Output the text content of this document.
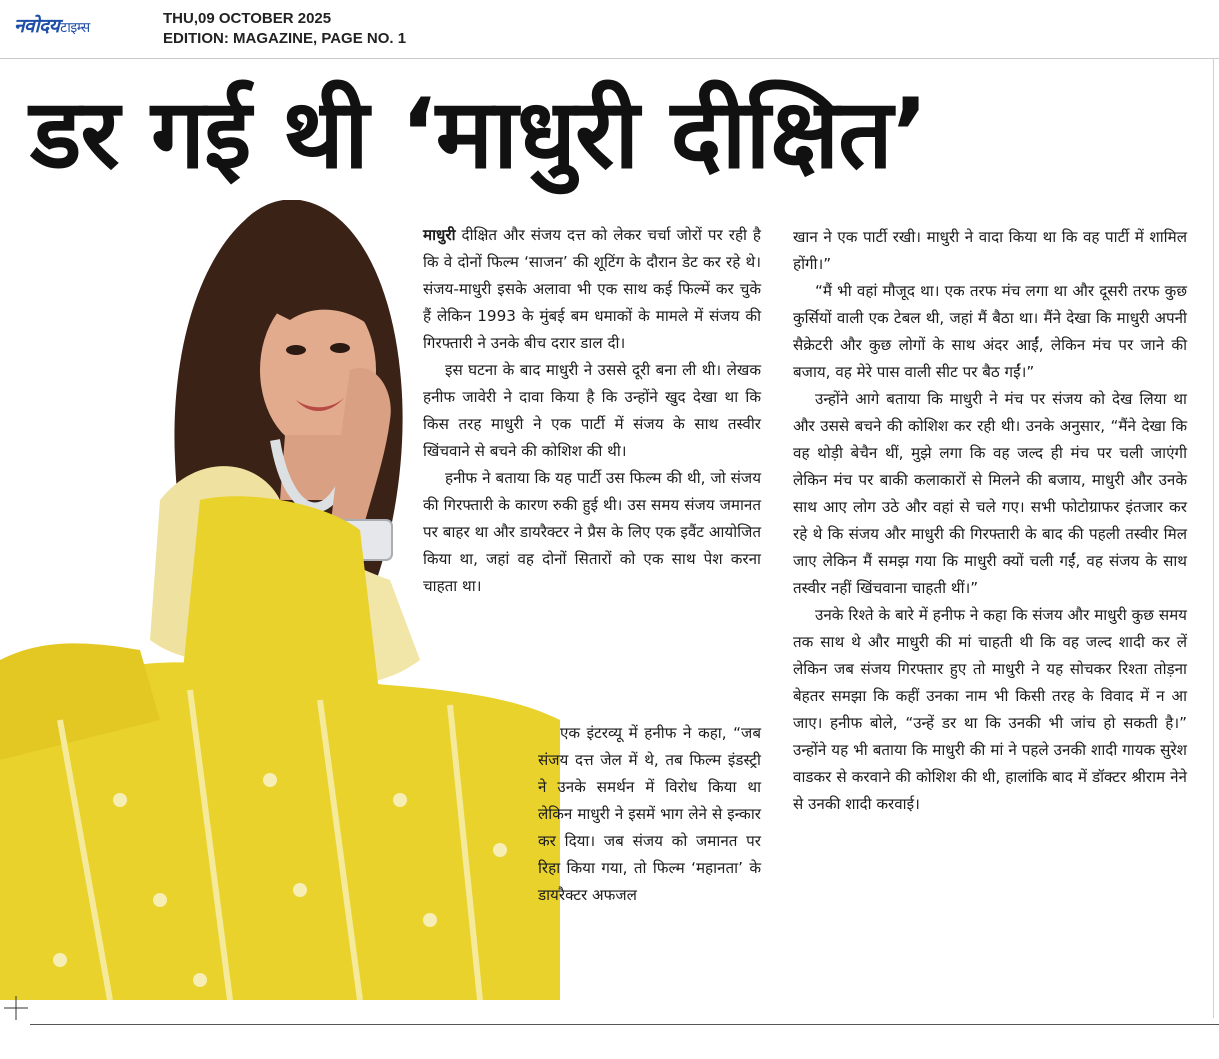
नवोदयटाइम्स
THU,09 OCTOBER 2025
EDITION: MAGAZINE, PAGE NO. 1
डर गई थी ‘माधुरी दीक्षित’

माधुरी दीक्षित और संजय दत्त को लेकर चर्चा जोरों पर रही है कि वे दोनों फिल्म ‘साजन’ की शूटिंग के दौरान डेट कर रहे थे। संजय-माधुरी इसके अलावा भी एक साथ कई फिल्में कर चुके हैं लेकिन 1993 के मुंबई बम धमाकों के मामले में संजय की गिरफ्तारी ने उनके बीच दरार डाल दी।

इस घटना के बाद माधुरी ने उससे दूरी बना ली थी। लेखक हनीफ जावेरी ने दावा किया है कि उन्होंने खुद देखा था कि किस तरह माधुरी ने एक पार्टी में संजय के साथ तस्वीर खिंचवाने से बचने की कोशिश की थी।

हनीफ ने बताया कि यह पार्टी उस फिल्म की थी, जो संजय की गिरफ्तारी के कारण रुकी हुई थी। उस समय संजय जमानत पर बाहर था और डायरैक्टर ने प्रैस के लिए एक इवैंट आयोजित किया था, जहां वह दोनों सितारों को एक साथ पेश करना चाहता था।

एक इंटरव्यू में हनीफ ने कहा, “जब संजय दत्त जेल में थे, तब फिल्म इंडस्ट्री ने उनके समर्थन में विरोध किया था लेकिन माधुरी ने इसमें भाग लेने से इन्कार कर दिया। जब संजय को जमानत पर रिहा किया गया, तो फिल्म ‘महानता’ के डायरैक्टर अफजल

खान ने एक पार्टी रखी। माधुरी ने वादा किया था कि वह पार्टी में शामिल होंगी।”

“मैं भी वहां मौजूद था। एक तरफ मंच लगा था और दूसरी तरफ कुछ कुर्सियों वाली एक टेबल थी, जहां मैं बैठा था। मैंने देखा कि माधुरी अपनी सैक्रेटरी और कुछ लोगों के साथ अंदर आईं, लेकिन मंच पर जाने की बजाय, वह मेरे पास वाली सीट पर बैठ गईं।”

उन्होंने आगे बताया कि माधुरी ने मंच पर संजय को देख लिया था और उससे बचने की कोशिश कर रही थी। उनके अनुसार, “मैंने देखा कि वह थोड़ी बेचैन थीं, मुझे लगा कि वह जल्द ही मंच पर चली जाएंगी लेकिन मंच पर बाकी कलाकारों से मिलने की बजाय, माधुरी और उनके साथ आए लोग उठे और वहां से चले गए। सभी फोटोग्राफर इंतजार कर रहे थे कि संजय और माधुरी की गिरफ्तारी के बाद की पहली तस्वीर मिल जाए लेकिन मैं समझ गया कि माधुरी क्यों चली गईं, वह संजय के साथ तस्वीर नहीं खिंचवाना चाहती थीं।”

उनके रिश्ते के बारे में हनीफ ने कहा कि संजय और माधुरी कुछ समय तक साथ थे और माधुरी की मां चाहती थी कि वह जल्द शादी कर लें लेकिन जब संजय गिरफ्तार हुए तो माधुरी ने यह सोचकर रिश्ता तोड़ना बेहतर समझा कि कहीं उनका नाम भी किसी तरह के विवाद में न आ जाए। हनीफ बोले, “उन्हें डर था कि उनकी भी जांच हो सकती है।” उन्होंने यह भी बताया कि माधुरी की मां ने पहले उनकी शादी गायक सुरेश वाडकर से करवाने की कोशिश की थी, हालांकि बाद में डॉक्टर श्रीराम नेने से उनकी शादी करवाई।
